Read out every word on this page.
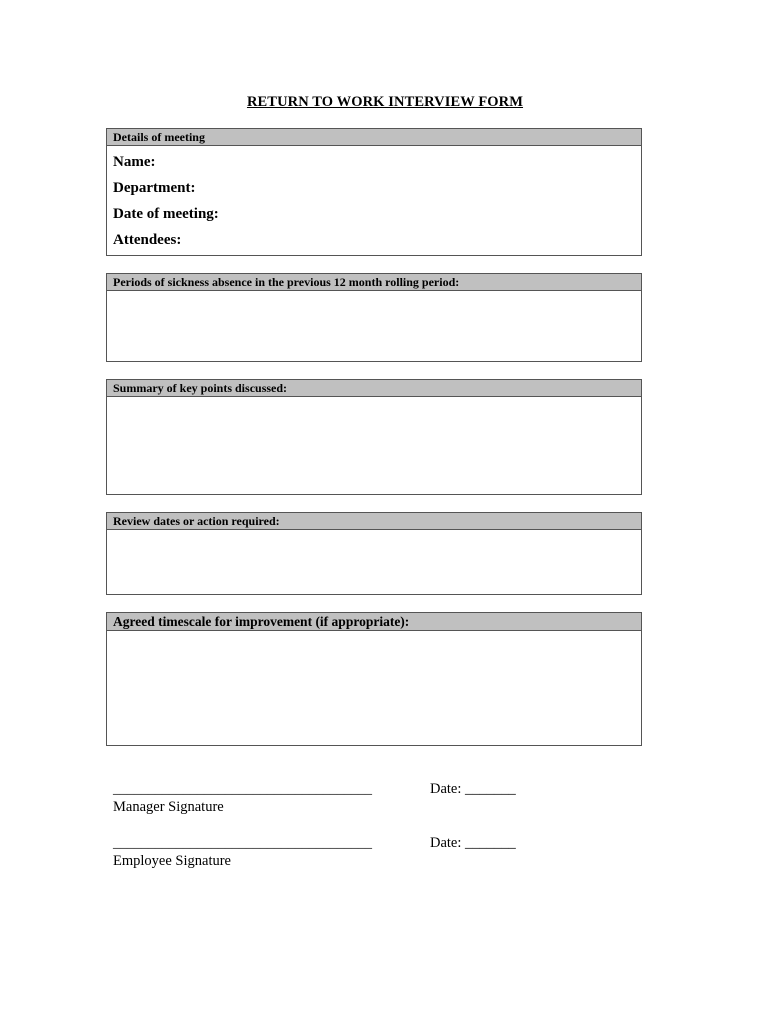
RETURN TO WORK INTERVIEW FORM
Details of meeting
Name:
Department:
Date of meeting:
Attendees:
Periods of sickness absence in the previous 12 month rolling period:
Summary of key points discussed:
Review dates or action required:
Agreed timescale for improvement (if appropriate):
_____________________________________	Date: _______
Manager Signature
_____________________________________	Date: _______
Employee Signature
